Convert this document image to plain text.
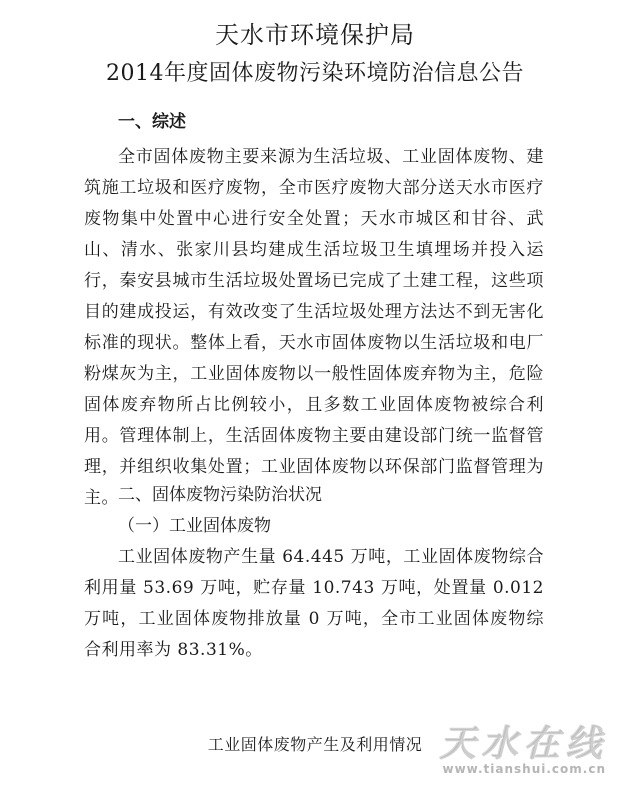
天水市环境保护局
2014年度固体废物污染环境防治信息公告
一、综述

全市固体废物主要来源为生活垃圾、工业固体废物、建筑施工垃圾和医疗废物，全市医疗废物大部分送天水市医疗废物集中处置中心进行安全处置；天水市城区和甘谷、武山、清水、张家川县均建成生活垃圾卫生填埋场并投入运行，秦安县城市生活垃圾处置场已完成了土建工程，这些项目的建成投运，有效改变了生活垃圾处理方法达不到无害化标准的现状。整体上看，天水市固体废物以生活垃圾和电厂粉煤灰为主，工业固体废物以一般性固体废弃物为主，危险固体废弃物所占比例较小，且多数工业固体废物被综合利用。管理体制上，生活固体废物主要由建设部门统一监督管理，并组织收集处置；工业固体废物以环保部门监督管理为主。 二、固体废物污染防治状况
（一）工业固体废物

工业固体废物产生量 64.445 万吨，工业固体废物综合利用量 53.69 万吨，贮存量 10.743 万吨，处置量 0.012 万吨，工业固体废物排放量 0 万吨，全市工业固体废物综合利用率为 83.31%。

工业固体废物产生及利用情况 天水在线
www.tianshui.com.cn
